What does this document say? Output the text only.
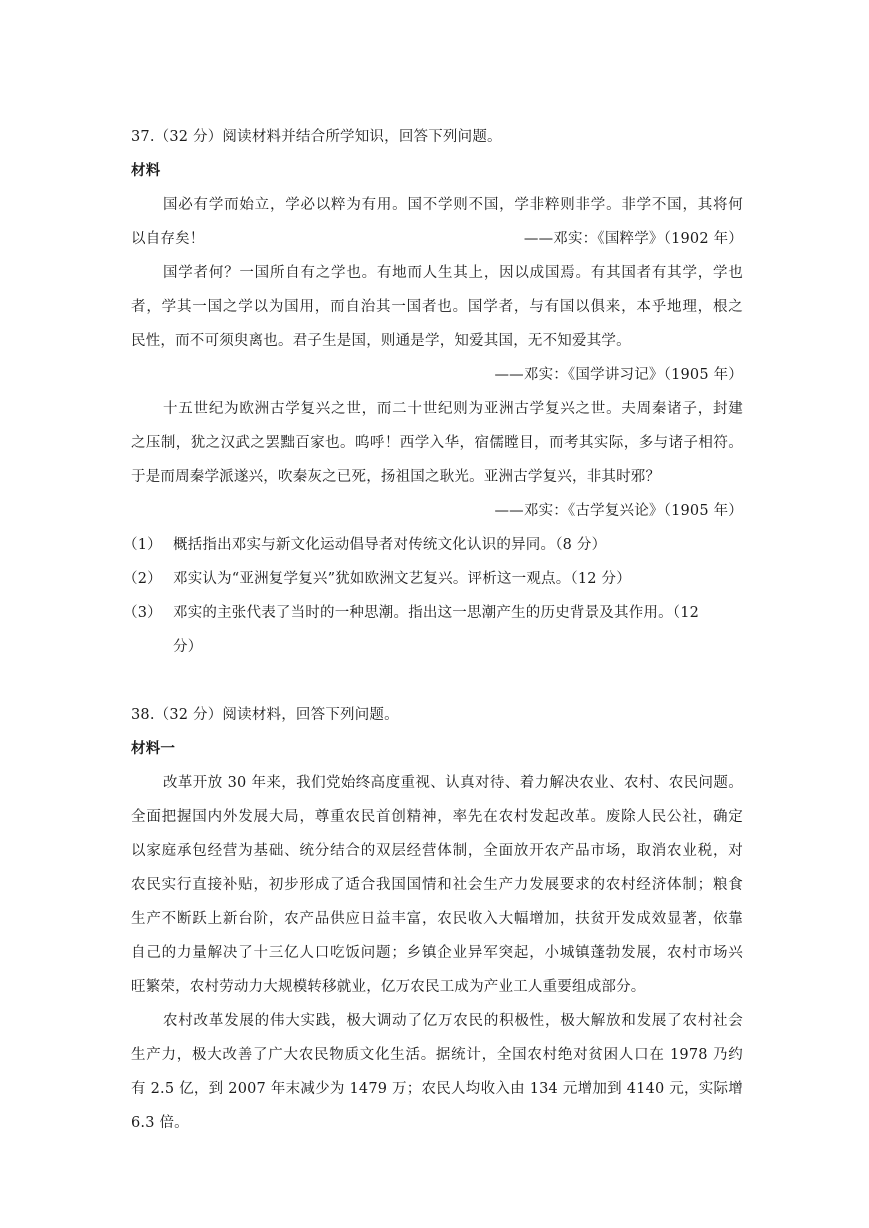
37.（32 分）阅读材料并结合所学知识，回答下列问题。
材料
国必有学而始立，学必以粹为有用。国不学则不国，学非粹则非学。非学不国，其将何
以自存矣！	——邓实：《国粹学》（1902 年）
国学者何？一国所自有之学也。有地而人生其上，因以成国焉。有其国者有其学，学也
者，学其一国之学以为国用，而自治其一国者也。国学者，与有国以俱来，本乎地理，根之
民性，而不可须臾离也。君子生是国，则通是学，知爱其国，无不知爱其学。
——邓实：《国学讲习记》（1905 年）
十五世纪为欧洲古学复兴之世，而二十世纪则为亚洲古学复兴之世。夫周秦诸子，封建
之压制，犹之汉武之罢黜百家也。呜呼！西学入华，宿儒瞠目，而考其实际，多与诸子相符。
于是而周秦学派遂兴，吹秦灰之已死，扬祖国之耿光。亚洲古学复兴，非其时邪？
——邓实：《古学复兴论》（1905 年）
（1） 概括指出邓实与新文化运动倡导者对传统文化认识的异同。（8 分）
（2） 邓实认为“亚洲复学复兴”犹如欧洲文艺复兴。评析这一观点。（12 分）
（3） 邓实的主张代表了当时的一种思潮。指出这一思潮产生的历史背景及其作用。（12
分）
38.（32 分）阅读材料，回答下列问题。
材料一
改革开放 30 年来，我们党始终高度重视、认真对待、着力解决农业、农村、农民问题。
全面把握国内外发展大局，尊重农民首创精神，率先在农村发起改革。废除人民公社，确定
以家庭承包经营为基础、统分结合的双层经营体制，全面放开农产品市场，取消农业税，对
农民实行直接补贴，初步形成了适合我国国情和社会生产力发展要求的农村经济体制；粮食
生产不断跃上新台阶，农产品供应日益丰富，农民收入大幅增加，扶贫开发成效显著，依靠
自己的力量解决了十三亿人口吃饭问题；乡镇企业异军突起，小城镇蓬勃发展，农村市场兴
旺繁荣，农村劳动力大规模转移就业，亿万农民工成为产业工人重要组成部分。
农村改革发展的伟大实践，极大调动了亿万农民的积极性，极大解放和发展了农村社会
生产力，极大改善了广大农民物质文化生活。据统计，全国农村绝对贫困人口在 1978 乃约
有 2.5 亿，到 2007 年末减少为 1479 万；农民人均收入由 134 元增加到 4140 元，实际增
6.3 倍。
